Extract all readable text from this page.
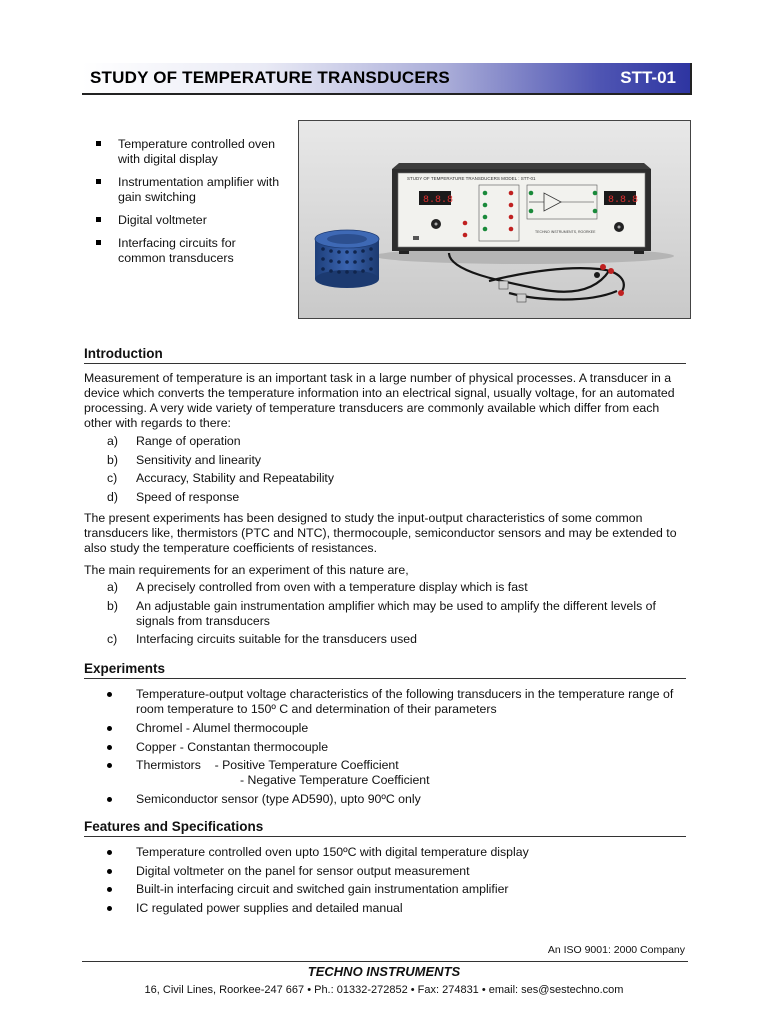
STUDY OF TEMPERATURE TRANSDUCERS	STT-01
Temperature controlled oven with digital display
Instrumentation amplifier with gain switching
Digital voltmeter
Interfacing circuits for common transducers
STUDY OF TEMPERATURE TRANSDUCERS MODEL : STT-01
8.8.8	8.8.8
TECHNO INSTRUMENTS, ROORKEE
Introduction

Measurement of temperature is an important task in a large number of physical processes. A transducer in a device which converts the temperature information into an electrical signal, usually voltage, for an automated processing. A very wide variety of temperature transducers are commonly available which differ from each other with regards to there:

a) Range of operation
b) Sensitivity and linearity
c) Accuracy, Stability and Repeatability
d) Speed of response

The present experiments has been designed to study the input-output characteristics of some common transducers like, thermistors (PTC and NTC), thermocouple, semiconductor sensors and may be extended to also study the temperature coefficients of resistances.

The main requirements for an experiment of this nature are,

a) A precisely controlled from oven with a temperature display which is fast
b) An adjustable gain instrumentation amplifier which may be used to amplify the different levels of signals from transducers
c) Interfacing circuits suitable for the transducers used
Experiments
Temperature-output voltage characteristics of the following transducers in the temperature range of room temperature to 150º C and determination of their parameters
Chromel - Alumel thermocouple
Copper - Constantan thermocouple
Thermistors    - Positive Temperature Coefficient
- Negative Temperature Coefficient
Semiconductor sensor (type AD590), upto 90ºC only
Features and Specifications
Temperature controlled oven upto 150ºC with digital temperature display
Digital voltmeter on the panel for sensor output measurement
Built-in interfacing circuit and switched gain instrumentation amplifier
IC regulated power supplies and detailed manual
An ISO 9001: 2000 Company
TECHNO INSTRUMENTS
16, Civil Lines, Roorkee-247 667 • Ph.: 01332-272852 • Fax: 274831 • email: ses@sestechno.com
